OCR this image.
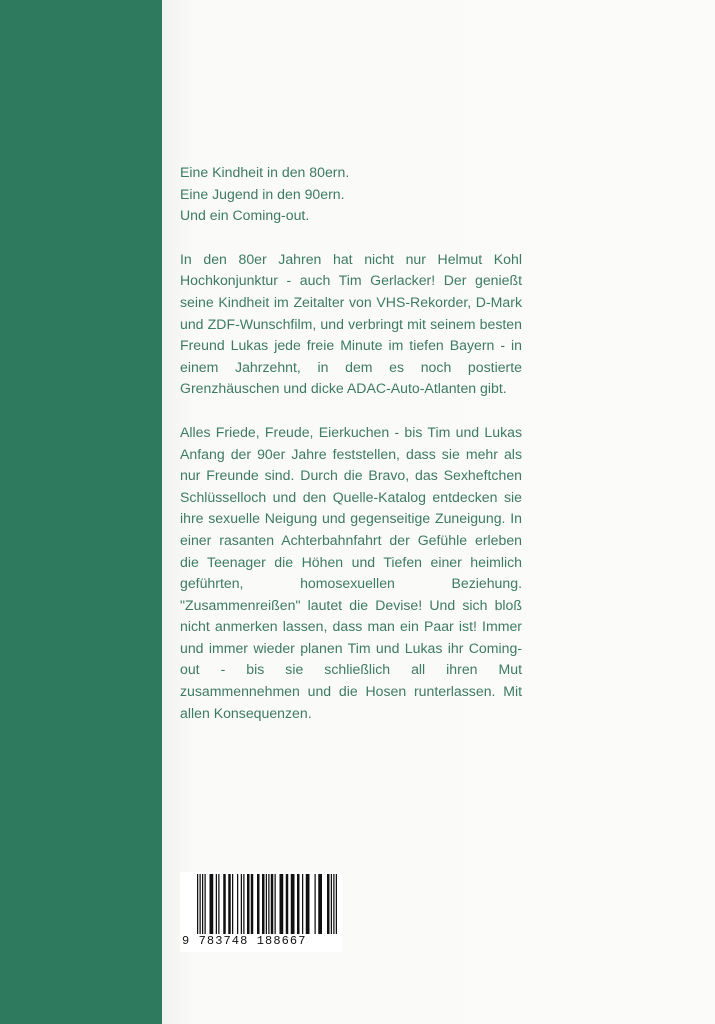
Eine Kindheit in den 80ern.

Eine Jugend in den 90ern.

Und ein Coming-out.

In den 80er Jahren hat nicht nur Helmut Kohl Hochkonjunktur - auch Tim Gerlacker! Der genießt seine Kindheit im Zeitalter von VHS-Rekorder, D-Mark und ZDF-Wunschfilm, und verbringt mit seinem besten Freund Lukas jede freie Minute im tiefen Bayern - in einem Jahrzehnt, in dem es noch postierte Grenzhäuschen und dicke ADAC-Auto-Atlanten gibt.

Alles Friede, Freude, Eierkuchen - bis Tim und Lukas Anfang der 90er Jahre feststellen, dass sie mehr als nur Freunde sind. Durch die Bravo, das Sexheftchen Schlüsselloch und den Quelle-Katalog entdecken sie ihre sexuelle Neigung und gegenseitige Zuneigung. In einer rasanten Achterbahnfahrt der Gefühle erleben die Teenager die Höhen und Tiefen einer heimlich geführten, homosexuellen Beziehung. "Zusammenreißen" lautet die Devise! Und sich bloß nicht anmerken lassen, dass man ein Paar ist! Immer und immer wieder planen Tim und Lukas ihr Coming-out - bis sie schließlich all ihren Mut zusammennehmen und die Hosen runterlassen. Mit allen Konsequenzen.

9 783748 188667
